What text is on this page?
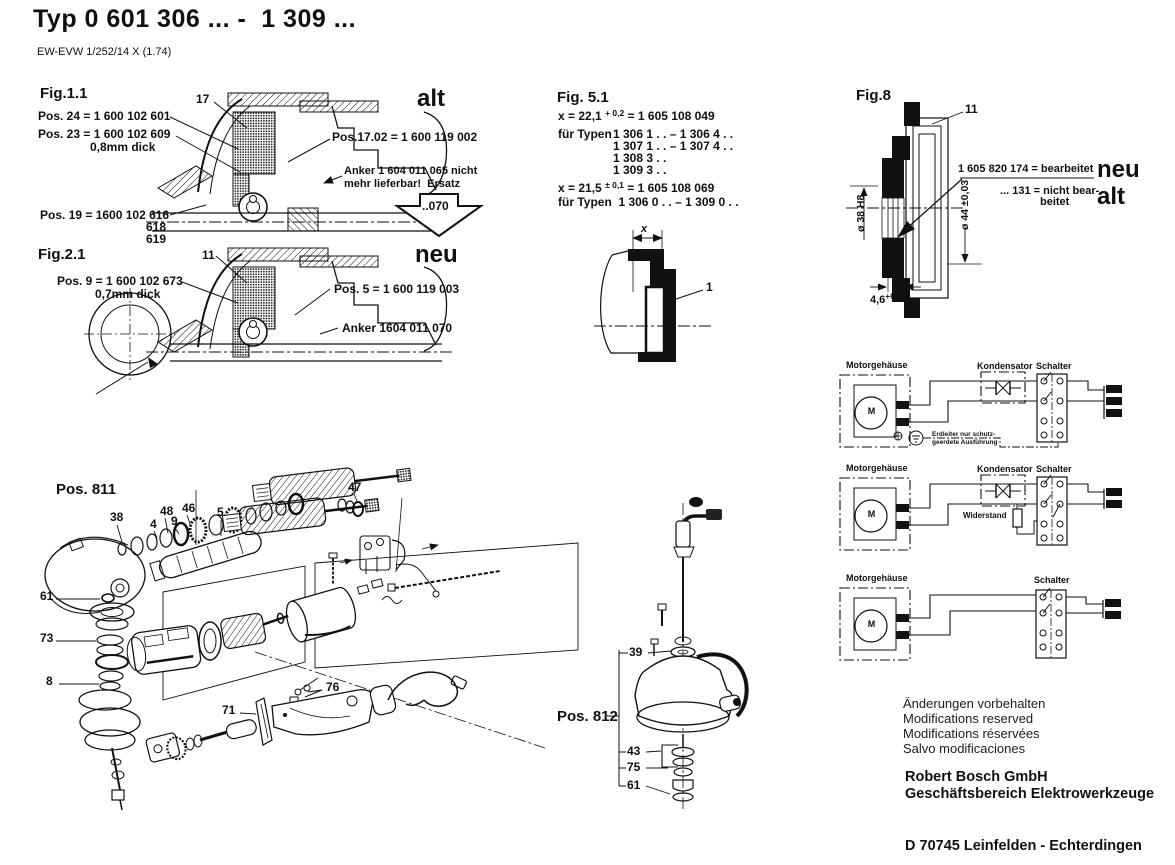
Typ 0 601 306 ... -  1 309 ...
EW-EVW 1/252/14 X (1.74)
Fig.1.1
Pos. 24 = 1 600 102 601
Pos. 23 = 1 600 102 609
0,8mm dick
17
Pos.17.02 = 1 600 119 002
alt
Anker 1 604 011 065 nicht
mehr lieferbar!  Ersatz
Pos. 19 = 1600 102 616
618
619
..070
Fig.2.1	11
Pos. 9 = 1 600 102 673
0,7mm dick	Pos. 5 = 1 600 119 003
neu
Anker 1604 011 070
Fig. 5.1
x = 22,1 $^{+ 0,2}$ = 1 605 108 049
für Typen 1 306 1 . . – 1 306 4 . .
1 307 1 . . – 1 307 4 . .
1 308 3 . .
1 309 3 . .
x = 21,5 $^{\pm 0,1}$ = 1 605 108 069
für Typen  1 306 0 . . – 1 309 0 . .
x
1
Fig.8
11
1 605 820 174 = bearbeitet neu
... 131 = nicht bear-
beitet alt
ø 38 H8	ø 44 ±0,03
$4,6^{+0,2}$
Motorgehäuse	Kondensator Schalter
M
Erdleiter nur schutz-
geerdete Ausführung
Motorgehäuse	Kondensator Schalter
M	Widerstand
Motorgehäuse	Schalter
M
Pos. 811
38 4
48
9
46 5
47
61
73
8
71
76
Pos. 812
39
43
75
61
Änderungen vorbehalten
Modifications reserved
Modifications réservées
Salvo modificaciones
Robert Bosch GmbH
Geschäftsbereich Elektrowerkzeuge

D 70745 Leinfelden - Echterdingen
